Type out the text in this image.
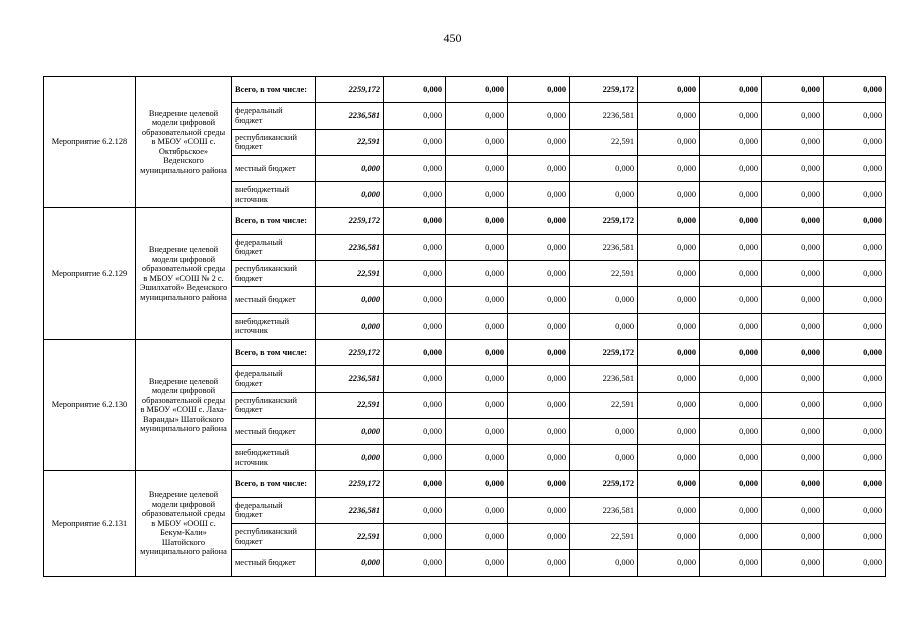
450
Мероприятие 6.2.128	Внедрение целевой модели цифровой образовательной среды в МБОУ «СОШ с. Октябрьское» Веденского муниципального района	Всего, в том числе:	2259,172	0,000	0,000	0,000	2259,172	0,000	0,000	0,000	0,000
		федеральный бюджет	2236,581	0,000	0,000	0,000	2236,581	0,000	0,000	0,000	0,000
		республиканский бюджет	22,591	0,000	0,000	0,000	22,591	0,000	0,000	0,000	0,000
		местный бюджет	0,000	0,000	0,000	0,000	0,000	0,000	0,000	0,000	0,000
		внебюджетный источник	0,000	0,000	0,000	0,000	0,000	0,000	0,000	0,000	0,000
Мероприятие 6.2.129	Внедрение целевой модели цифровой образовательной среды в МБОУ «СОШ № 2 с. Эшилхатой» Веденского муниципального района	Всего, в том числе:	2259,172	0,000	0,000	0,000	2259,172	0,000	0,000	0,000	0,000
		федеральный бюджет	2236,581	0,000	0,000	0,000	2236,581	0,000	0,000	0,000	0,000
		республиканский бюджет	22,591	0,000	0,000	0,000	22,591	0,000	0,000	0,000	0,000
		местный бюджет	0,000	0,000	0,000	0,000	0,000	0,000	0,000	0,000	0,000
		внебюджетный источник	0,000	0,000	0,000	0,000	0,000	0,000	0,000	0,000	0,000
Мероприятие 6.2.130	Внедрение целевой модели цифровой образовательной среды в МБОУ «СОШ с. Лаха-Варанды» Шатойского муниципального района	Всего, в том числе:	2259,172	0,000	0,000	0,000	2259,172	0,000	0,000	0,000	0,000
		федеральный бюджет	2236,581	0,000	0,000	0,000	2236,581	0,000	0,000	0,000	0,000
		республиканский бюджет	22,591	0,000	0,000	0,000	22,591	0,000	0,000	0,000	0,000
		местный бюджет	0,000	0,000	0,000	0,000	0,000	0,000	0,000	0,000	0,000
		внебюджетный источник	0,000	0,000	0,000	0,000	0,000	0,000	0,000	0,000	0,000
Мероприятие 6.2.131	Внедрение целевой модели цифровой образовательной среды в МБОУ «ООШ с. Бекум-Кали» Шатойского муниципального района	Всего, в том числе:	2259,172	0,000	0,000	0,000	2259,172	0,000	0,000	0,000	0,000
		федеральный бюджет	2236,581	0,000	0,000	0,000	2236,581	0,000	0,000	0,000	0,000
		республиканский бюджет	22,591	0,000	0,000	0,000	22,591	0,000	0,000	0,000	0,000
		местный бюджет	0,000	0,000	0,000	0,000	0,000	0,000	0,000	0,000	0,000
